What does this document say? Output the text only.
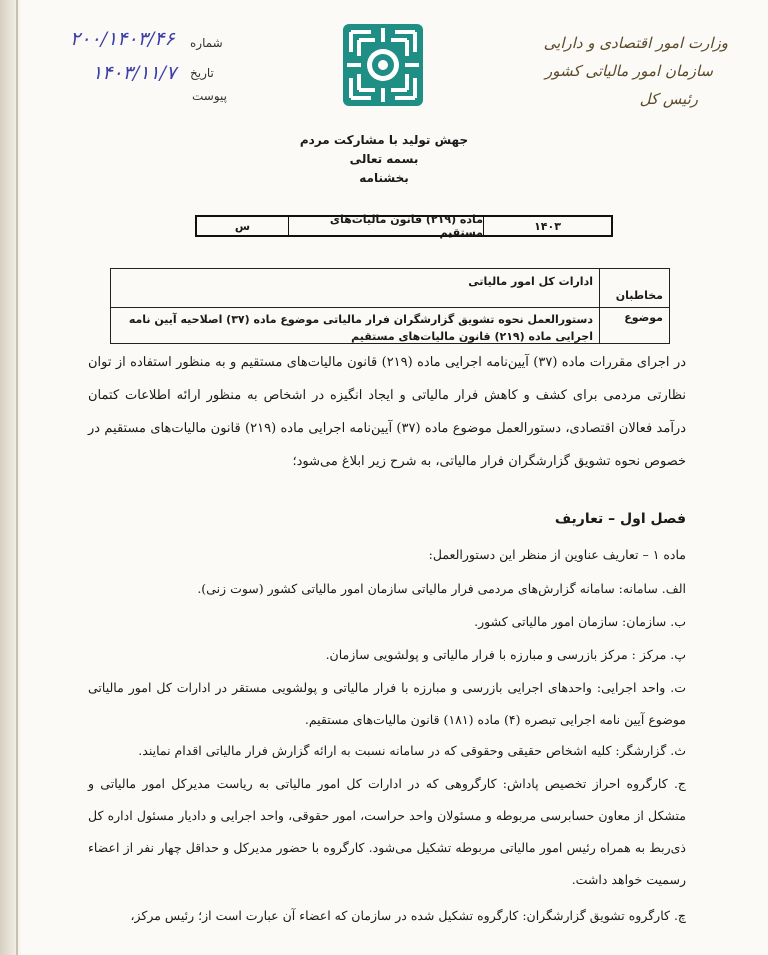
۲۰۰/۱۴۰۳/۴۶ شماره
۱۴۰۳/۱۱/۷ تاریخ
پیوست
وزارت امور اقتصادی و دارایی
سازمان امور مالیاتی کشور
رئیس کل
جهش تولید با مشارکت مردم
بسمه تعالی
بخشنامه
۱۴۰۳
ماده (۲۱۹) قانون مالیات‌های مستقیم
س
مخاطبان
ادارات کل امور مالیاتی
موضوع
دستورالعمل نحوه تشویق گزارشگران فرار مالیاتی موضوع ماده (۳۷) اصلاحیه آیین نامه اجرایی ماده (۲۱۹) قانون مالیات‌های مستقیم
در اجرای مقررات ماده (۳۷) آیین‌نامه اجرایی ماده (۲۱۹) قانون مالیات‌های مستقیم و به منظور استفاده از توان نظارتی مردمی برای کشف و کاهش فرار مالیاتی و ایجاد انگیزه در اشخاص به منظور ارائه اطلاعات کتمان درآمد فعالان اقتصادی، دستورالعمل موضوع ماده (۳۷) آیین‌نامه اجرایی ماده (۲۱۹) قانون مالیات‌های مستقیم در خصوص نحوه تشویق گزارشگران فرار مالیاتی، به شرح زیر ابلاغ می‌شود؛
فصل اول – تعاریف
ماده ۱ – تعاریف عناوین از منظر این دستورالعمل:
الف. سامانه: سامانه گزارش‌های مردمی فرار مالیاتی سازمان امور مالیاتی کشور (سوت زنی).
ب. سازمان: سازمان امور مالیاتی کشور.
پ. مرکز : مرکز بازرسی و مبارزه با فرار مالیاتی و پولشویی سازمان.
ت. واحد اجرایی: واحدهای اجرایی بازرسی و مبارزه با فرار مالیاتی و پولشویی مستقر در ادارات کل امور مالیاتی موضوع آیین نامه اجرایی تبصره (۴) ماده (۱۸۱) قانون مالیات‌های مستقیم.
ث. گزارشگر: کلیه اشخاص حقیقی وحقوقی که در سامانه نسبت به ارائه گزارش فرار مالیاتی اقدام نمایند.
ج. کارگروه احراز تخصیص پاداش: کارگروهی که در ادارات کل امور مالیاتی به ریاست مدیرکل امور مالیاتی و متشکل از معاون حسابرسی مربوطه و مسئولان واحد حراست، امور حقوقی، واحد اجرایی و دادیار مسئول اداره کل ذی‌ربط به همراه رئیس امور مالیاتی مربوطه تشکیل می‌شود. کارگروه با حضور مدیرکل و حداقل چهار نفر از اعضاء رسمیت خواهد داشت.
چ. کارگروه تشویق گزارشگران: کارگروه تشکیل شده در سازمان که اعضاء آن عبارت است از؛ رئیس مرکز،
